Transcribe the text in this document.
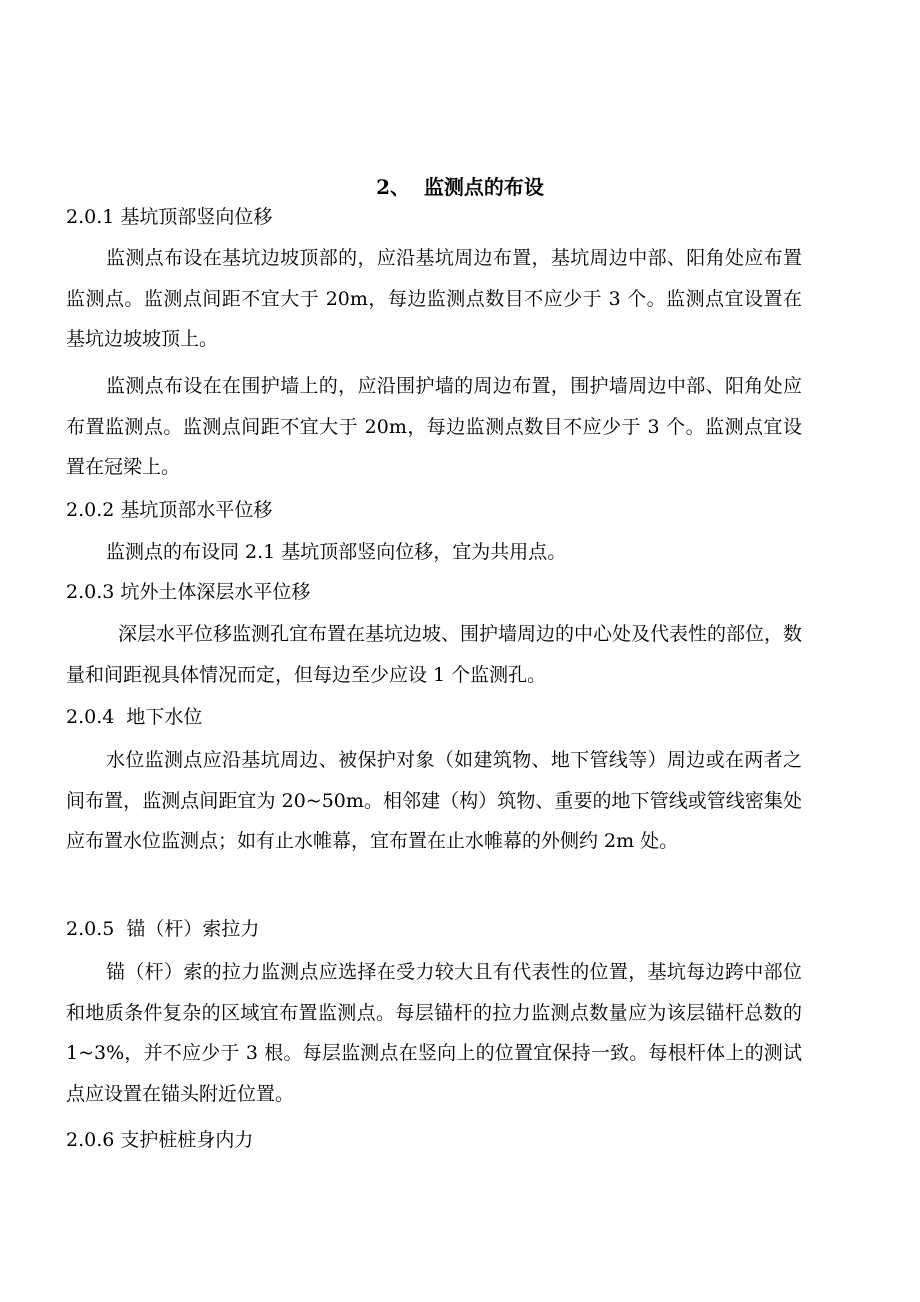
2、  监测点的布设
2.0.1 基坑顶部竖向位移
监测点布设在基坑边坡顶部的，应沿基坑周边布置，基坑周边中部、阳角处应布置监测点。监测点间距不宜大于 20m，每边监测点数目不应少于 3 个。监测点宜设置在基坑边坡坡顶上。
监测点布设在在围护墙上的，应沿围护墙的周边布置，围护墙周边中部、阳角处应布置监测点。监测点间距不宜大于 20m，每边监测点数目不应少于 3 个。监测点宜设置在冠梁上。
2.0.2 基坑顶部水平位移
监测点的布设同 2.1 基坑顶部竖向位移，宜为共用点。
2.0.3 坑外土体深层水平位移
深层水平位移监测孔宜布置在基坑边坡、围护墙周边的中心处及代表性的部位，数量和间距视具体情况而定，但每边至少应设 1 个监测孔。
2.0.4  地下水位
水位监测点应沿基坑周边、被保护对象（如建筑物、地下管线等）周边或在两者之间布置，监测点间距宜为 20~50m。相邻建（构）筑物、重要的地下管线或管线密集处应布置水位监测点；如有止水帷幕，宜布置在止水帷幕的外侧约 2m 处。
2.0.5  锚（杆）索拉力
锚（杆）索的拉力监测点应选择在受力较大且有代表性的位置，基坑每边跨中部位和地质条件复杂的区域宜布置监测点。每层锚杆的拉力监测点数量应为该层锚杆总数的 1~3%，并不应少于 3 根。每层监测点在竖向上的位置宜保持一致。每根杆体上的测试点应设置在锚头附近位置。
2.0.6 支护桩桩身内力
